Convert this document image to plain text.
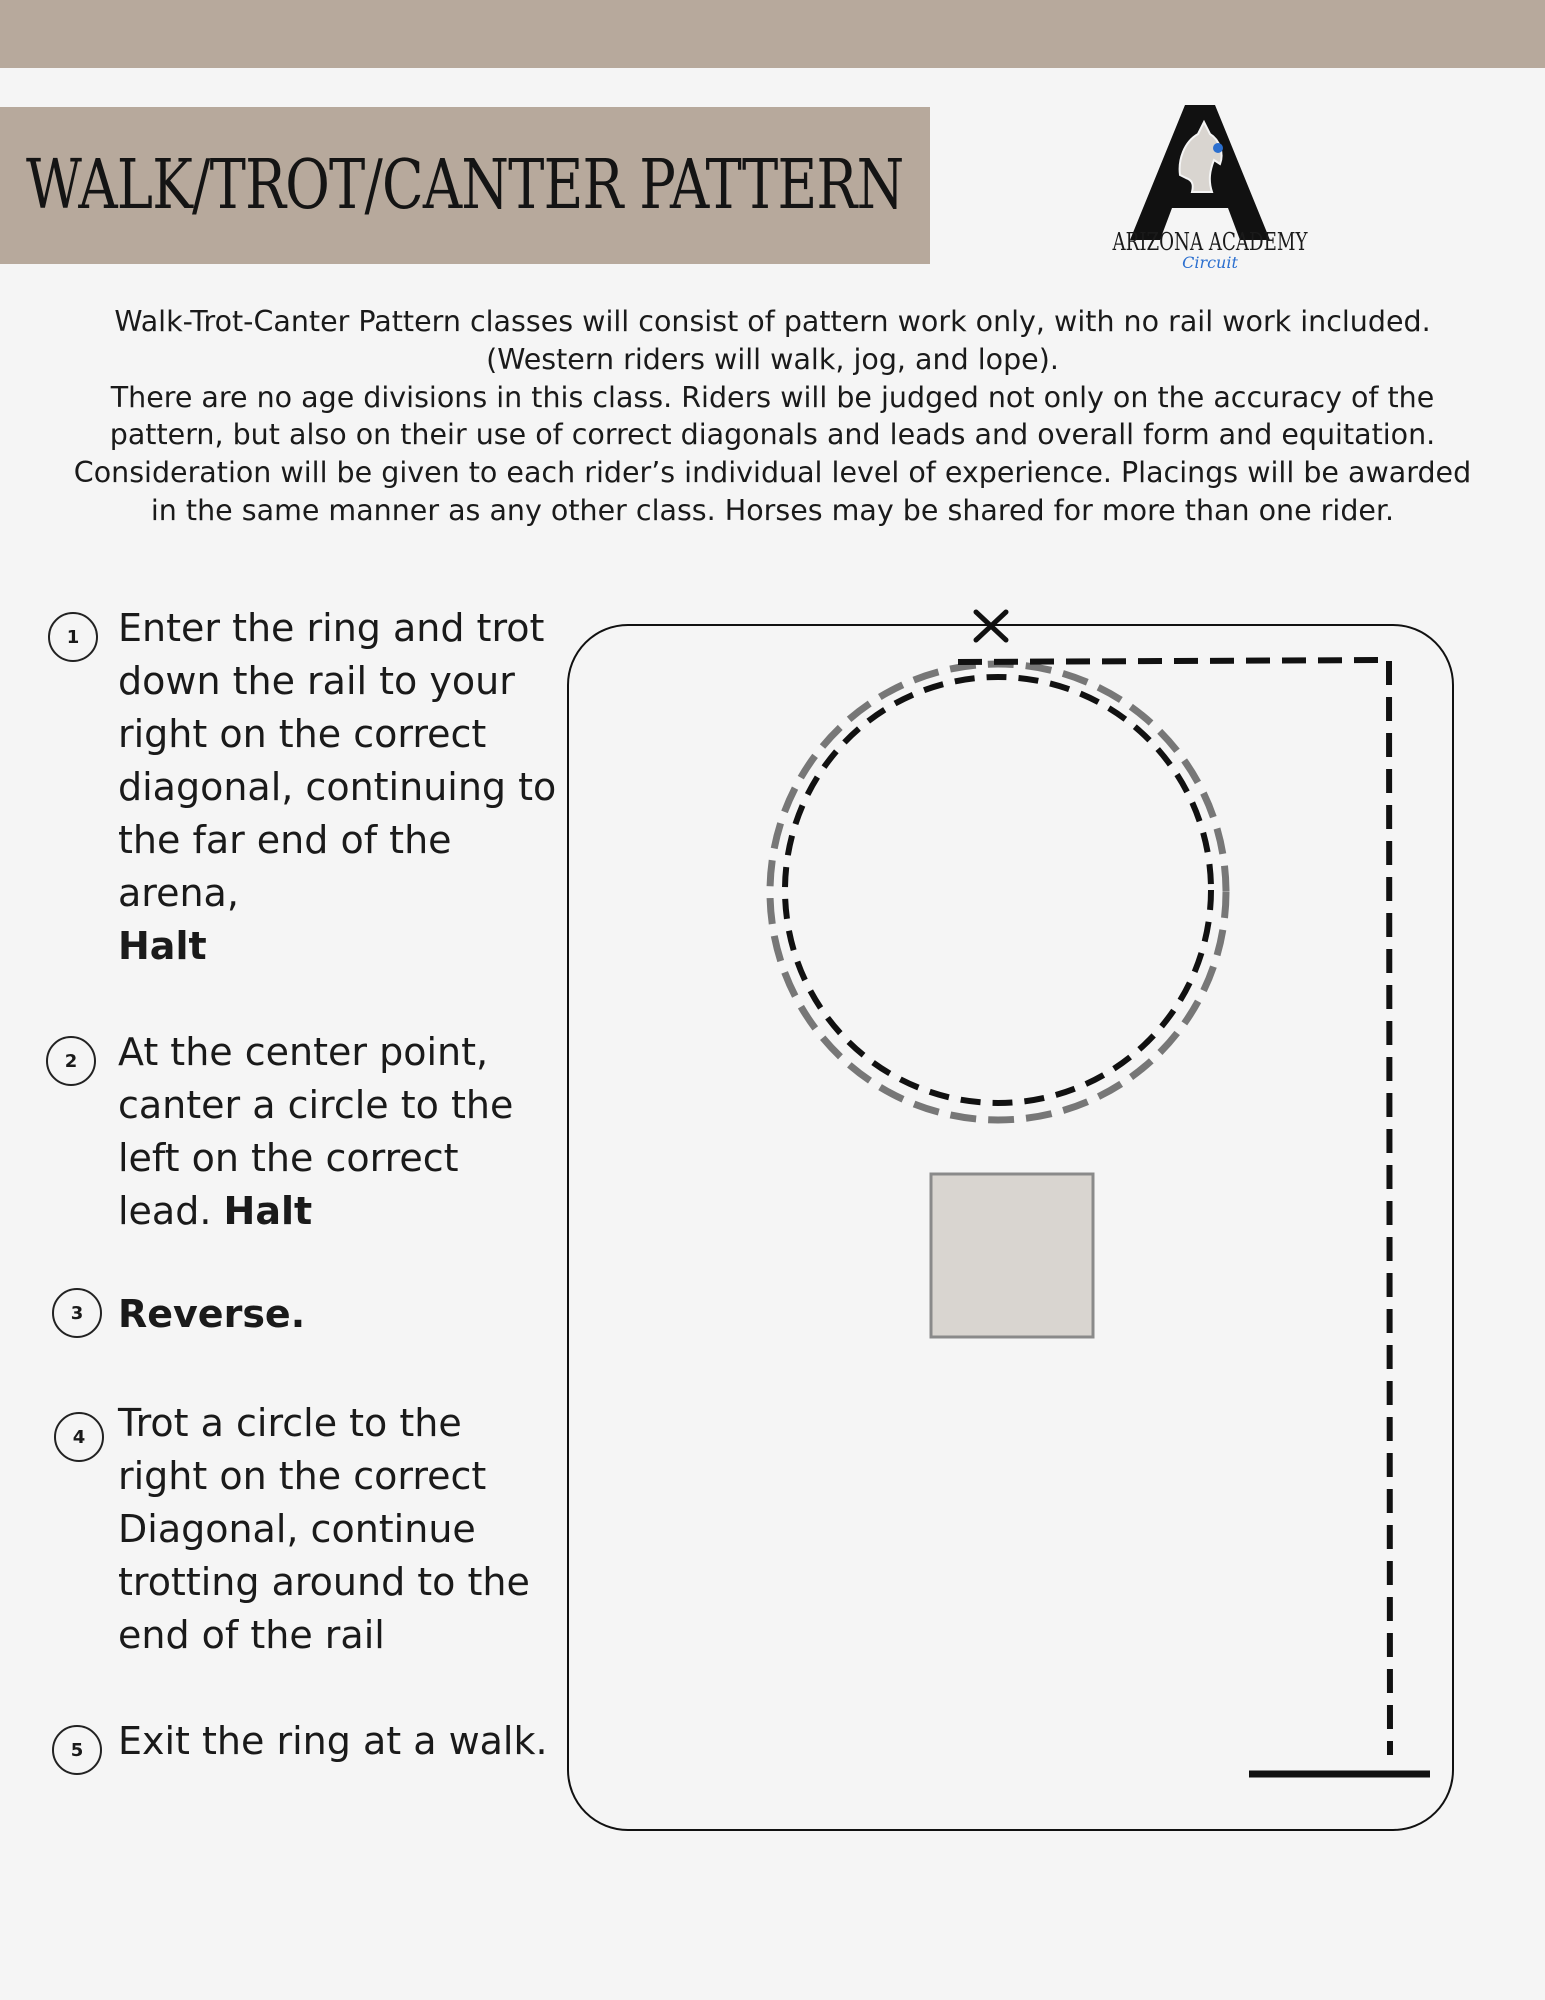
WALK/TROT/CANTER PATTERN
ARIZONA ACADEMY
Circuit

Walk-Trot-Canter Pattern classes will consist of pattern work only, with no rail work included. (Western riders will walk, jog, and lope).

There are no age divisions in this class. Riders will be judged not only on the accuracy of the pattern, but also on their use of correct diagonals and leads and overall form and equitation. Consideration will be given to each rider’s individual level of experience. Placings will be awarded in the same manner as any other class. Horses may be shared for more than one rider.

1	Enter the ring and trot down the rail to your right on the correct diagonal, continuing to the far end of the arena,
Halt
2	At the center point, canter a circle to the left on the correct lead. Halt
3 Reverse.
4 Trot a circle to the right on the correct Diagonal, continue trotting around to the end of the rail
5 Exit the ring at a walk.
